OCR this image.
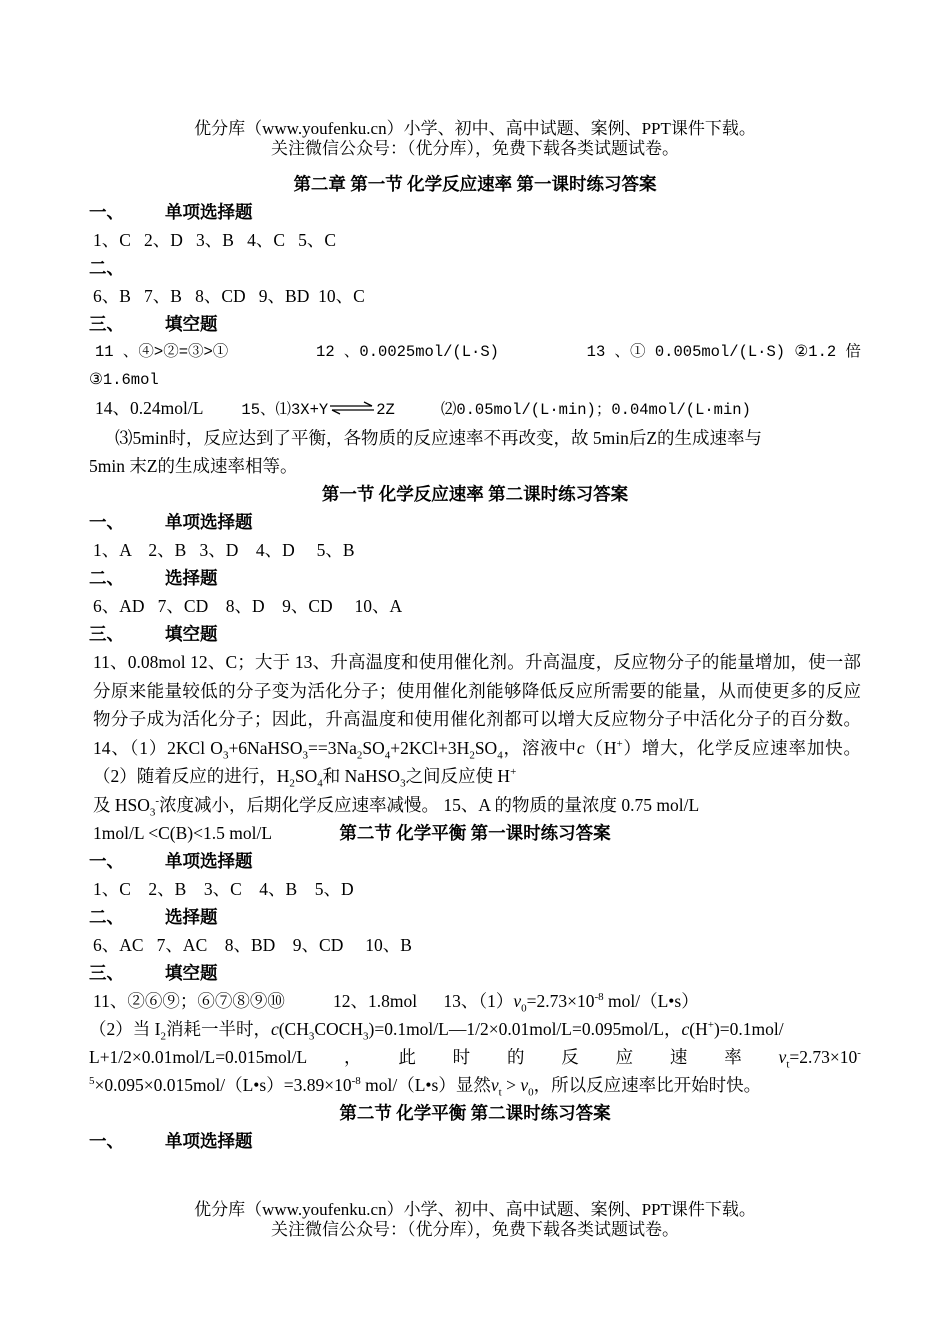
优分库（www.youfenku.cn）小学、初中、高中试题、案例、PPT课件下载。
关注微信公众号：（优分库），免费下载各类试题试卷。
第二章 第一节 化学反应速率 第一课时练习答案
一、 单项选择题
1、C   2、D   3、B   4、C   5、C
二、
6、B   7、B   8、CD   9、BD  10、C
三、 填空题
11 、④>②=③>①	12 、0.0025mol/(L·S)	13 、① 0.005mol/(L·S) ②1.2 倍
③1.6mol
14、0.24mol/L 15、⑴3X+Y⇌2Z	⑵0.05mol/(L·min)；0.04mol/(L·min)
⑶5min时，反应达到了平衡，各物质的反应速率不再改变，故 5min后Z的生成速率与
5min 末Z的生成速率相等。
第一节 化学反应速率 第二课时练习答案
一、 单项选择题
1、A    2、B   3、D    4、D     5、B
二、 选择题
6、AD   7、CD    8、D    9、CD     10、A
三、 填空题
11、0.08mol 12、C；大于 13、升高温度和使用催化剂。升高温度，反应物分子的能量增加，使一部分原来能量较低的分子变为活化分子；使用催化剂能够降低反应所需要的能量，从而使更多的反应物分子成为活化分子；因此，升高温度和使用催化剂都可以增大反应物分子中活化分子的百分数。 14、（1）2KCl $O_3+6NaHSO_3==3Na_2SO_4+2KCl+3H_2SO_4$，溶液中c（H+）增大，化学反应速率加快。（2）随着反应的进行，$H_2SO_4$和 NaHSO$_3$之间反应使 H+
及 $HSO_3^-$浓度减小，后期化学反应速率减慢。 15、A 的物质的量浓度 0.75 mol/L
1mol/L <C(B)<1.5 mol/L	第二节 化学平衡 第一课时练习答案
一、 单项选择题
1、C    2、B    3、C    4、B    5、D
二、 选择题
6、AC   7、AC    8、BD    9、CD     10、B
三、 填空题
11、②⑥⑨；⑥⑦⑧⑨⑩           12、1.8mol      13、$(1)v_0=2.73\times 10^{-8}$ mol/（L•s）
（2）当 $I_2$消耗一半时，$c(CH_3COCH_3)=0.1mol/L—1/2\times 0.01mol/L=0.095mol/L$，c(H+)=0.1mol/
L+1/2×0.01mol/L=0.015mol/L ， 此 时 的 反 应 速 率 $v_t=2.73\times 10^-$
$^5\times 0.095\times 0.015mol/(L•s)=3.89\times 10^{-8}$ mol/（L•s）显然$v_t > v_0$，所以反应速率比开始时快。
第二节 化学平衡 第二课时练习答案
一、 单项选择题
优分库（www.youfenku.cn）小学、初中、高中试题、案例、PPT课件下载。
关注微信公众号：（优分库），免费下载各类试题试卷。
